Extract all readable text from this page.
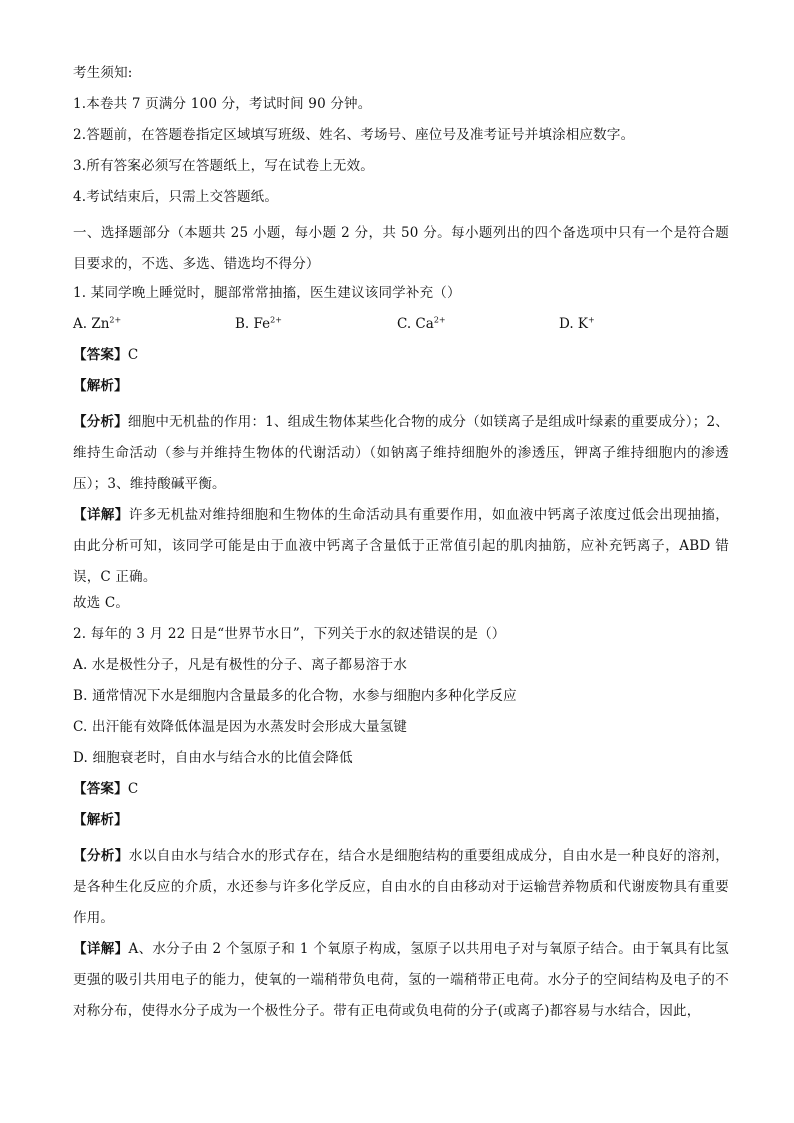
考生须知:

1.本卷共 7 页满分 100 分，考试时间 90 分钟。

2.答题前，在答题卷指定区域填写班级、姓名、考场号、座位号及准考证号并填涂相应数字。

3.所有答案必须写在答题纸上，写在试卷上无效。

4.考试结束后，只需上交答题纸。

一、选择题部分（本题共 25 小题，每小题 2 分，共 50 分。每小题列出的四个备选项中只有一个是符合题目要求的，不选、多选、错选均不得分）

1. 某同学晚上睡觉时，腿部常常抽搐，医生建议该同学补充（）

A. $Zn^{2+}$	B. $Fe^{2+}$	C. $Ca^{2+}$	D. K+

【答案】C

【解析】

【分析】细胞中无机盐的作用：1、组成生物体某些化合物的成分（如镁离子是组成叶绿素的重要成分）；2、维持生命活动（参与并维持生物体的代谢活动）（如钠离子维持细胞外的渗透压，钾离子维持细胞内的渗透压）；3、维持酸碱平衡。

【详解】许多无机盐对维持细胞和生物体的生命活动具有重要作用，如血液中钙离子浓度过低会出现抽搐，由此分析可知，该同学可能是由于血液中钙离子含量低于正常值引起的肌肉抽筋，应补充钙离子，ABD 错误，C 正确。

故选 C。

2. 每年的 3 月 22 日是“世界节水日”，下列关于水的叙述错误的是（）

A. 水是极性分子，凡是有极性的分子、离子都易溶于水

B. 通常情况下水是细胞内含量最多的化合物，水参与细胞内多种化学反应

C. 出汗能有效降低体温是因为水蒸发时会形成大量氢键

D. 细胞衰老时，自由水与结合水的比值会降低

【答案】C

【解析】

【分析】水以自由水与结合水的形式存在，结合水是细胞结构的重要组成成分，自由水是一种良好的溶剂，是各种生化反应的介质，水还参与许多化学反应，自由水的自由移动对于运输营养物质和代谢废物具有重要作用。

【详解】A、水分子由 2 个氢原子和 1 个氧原子构成，氢原子以共用电子对与氧原子结合。由于氧具有比氢更强的吸引共用电子的能力，使氧的一端稍带负电荷，氢的一端稍带正电荷。水分子的空间结构及电子的不对称分布，使得水分子成为一个极性分子。带有正电荷或负电荷的分子(或离子)都容易与水结合，因此，
